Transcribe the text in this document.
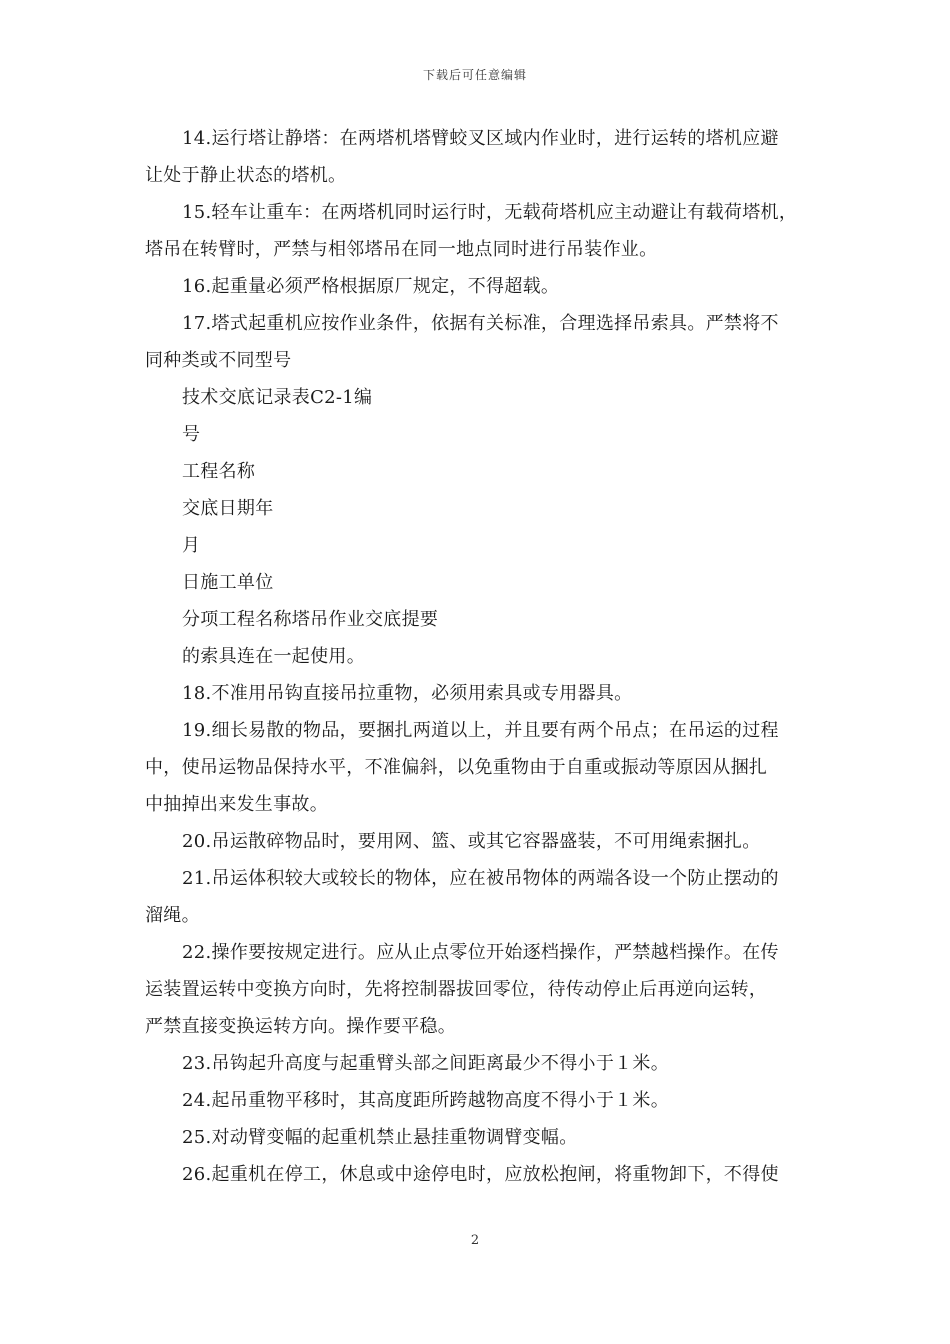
下载后可任意编辑
14.运行塔让静塔：在两塔机塔臂蛟叉区域内作业时，进行运转的塔机应避
让处于静止状态的塔机。
15.轻车让重车：在两塔机同时运行时，无载荷塔机应主动避让有载荷塔机，
塔吊在转臂时，严禁与相邻塔吊在同一地点同时进行吊装作业。
16.起重量必须严格根据原厂规定，不得超载。
17.塔式起重机应按作业条件，依据有关标准，合理选择吊索具。严禁将不
同种类或不同型号
技术交底记录表C2-1编
号
工程名称
交底日期年
月
日施工单位
分项工程名称塔吊作业交底提要
的索具连在一起使用。
18.不准用吊钩直接吊拉重物，必须用索具或专用器具。
19.细长易散的物品，要捆扎两道以上，并且要有两个吊点；在吊运的过程
中，使吊运物品保持水平，不准偏斜，以免重物由于自重或振动等原因从捆扎
中抽掉出来发生事故。
20.吊运散碎物品时，要用网、篮、或其它容器盛装，不可用绳索捆扎。
21.吊运体积较大或较长的物体，应在被吊物体的两端各设一个防止摆动的
溜绳。
22.操作要按规定进行。应从止点零位开始逐档操作，严禁越档操作。在传
运装置运转中变换方向时，先将控制器拔回零位，待传动停止后再逆向运转，
严禁直接变换运转方向。操作要平稳。
23.吊钩起升高度与起重臂头部之间距离最少不得小于１米。
24.起吊重物平移时，其高度距所跨越物高度不得小于１米。
25.对动臂变幅的起重机禁止悬挂重物调臂变幅。
26.起重机在停工，休息或中途停电时，应放松抱闸，将重物卸下，不得使
2
